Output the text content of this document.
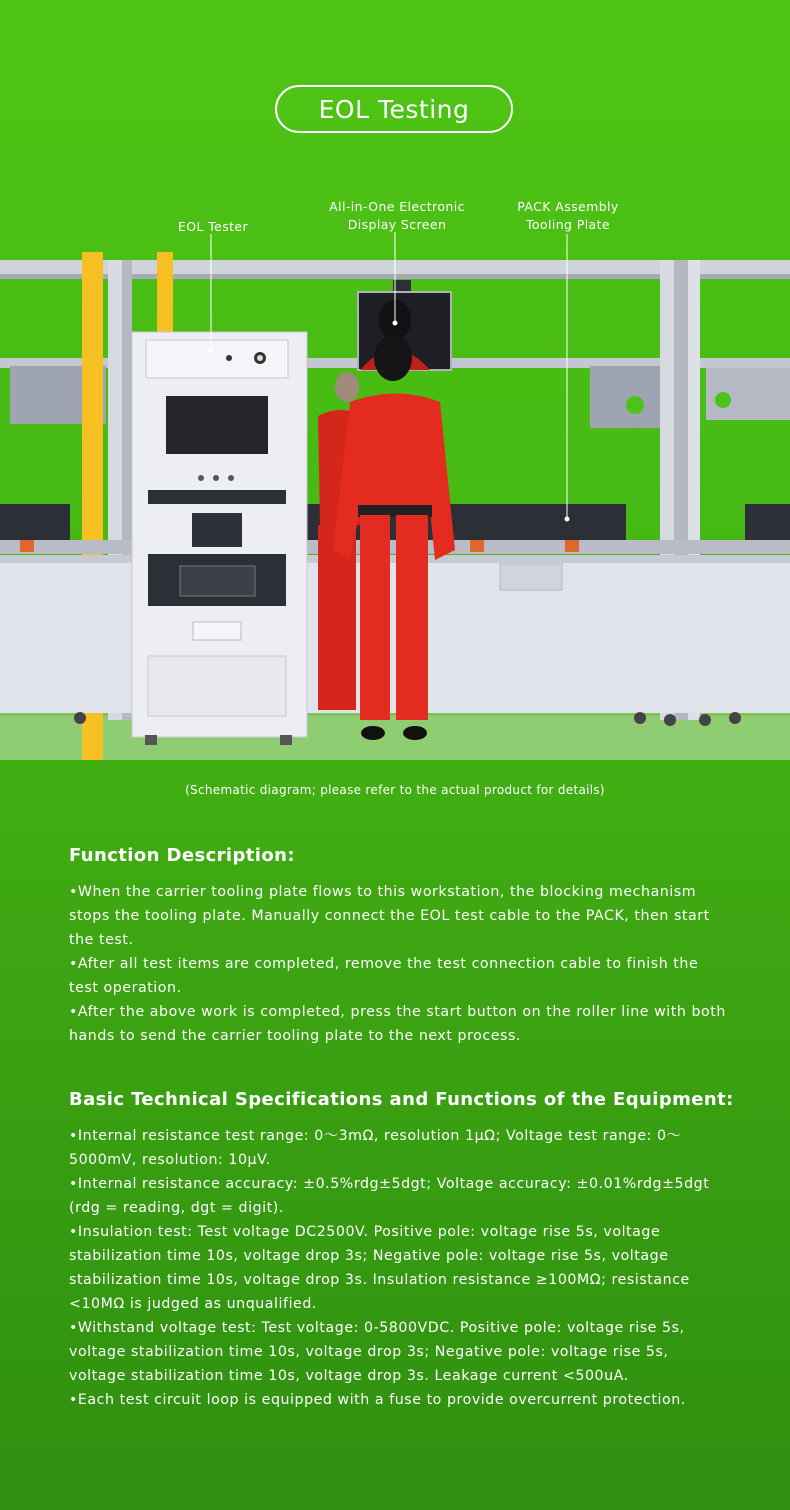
EOL Testing
EOL Tester
All-in-One Electronic
Display Screen
PACK Assembly
Tooling Plate
(Schematic diagram; please refer to the actual product for details)
Function Description:
•When the carrier tooling plate flows to this workstation, the blocking mechanism stops the tooling plate. Manually connect the EOL test cable to the PACK, then start the test.
•After all test items are completed, remove the test connection cable to finish the test operation.
•After the above work is completed, press the start button on the roller line with both hands to send the carrier tooling plate to the next process.
Basic Technical Specifications and Functions of the Equipment:
•Internal resistance test range: 0～3mΩ, resolution 1μΩ; Voltage test range: 0～5000mV, resolution: 10μV.
•Internal resistance accuracy: ±0.5%rdg±5dgt; Voltage accuracy: ±0.01%rdg±5dgt (rdg = reading, dgt = digit).
•Insulation test: Test voltage DC2500V. Positive pole: voltage rise 5s, voltage stabilization time 10s, voltage drop 3s; Negative pole: voltage rise 5s, voltage stabilization time 10s, voltage drop 3s. Insulation resistance ≥100MΩ; resistance <10MΩ is judged as unqualified.
•Withstand voltage test: Test voltage: 0-5800VDC. Positive pole: voltage rise 5s, voltage stabilization time 10s, voltage drop 3s; Negative pole: voltage rise 5s, voltage stabilization time 10s, voltage drop 3s. Leakage current <500uA.
•Each test circuit loop is equipped with a fuse to provide overcurrent protection.
